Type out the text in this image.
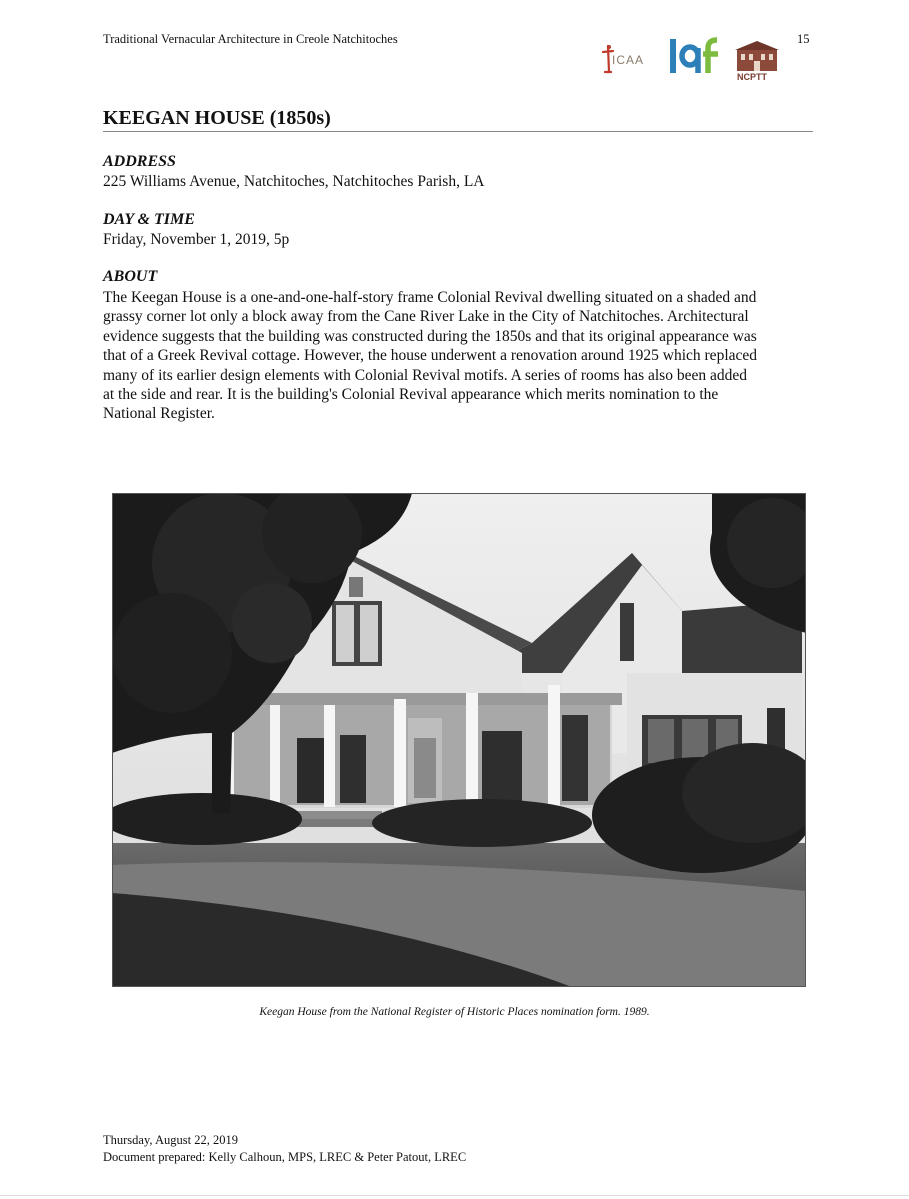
Traditional Vernacular Architecture in Creole Natchitoches	15
ICAA
NCPTT
KEEGAN HOUSE (1850s)
ADDRESS
225 Williams Avenue, Natchitoches, Natchitoches Parish, LA
DAY & TIME
Friday, November 1, 2019, 5p
ABOUT
The Keegan House is a one-and-one-half-story frame Colonial Revival dwelling situated on a shaded and
grassy corner lot only a block away from the Cane River Lake in the City of Natchitoches. Architectural
evidence suggests that the building was constructed during the 1850s and that its original appearance was
that of a Greek Revival cottage. However, the house underwent a renovation around 1925 which replaced
many of its earlier design elements with Colonial Revival motifs. A series of rooms has also been added
at the side and rear. It is the building's Colonial Revival appearance which merits nomination to the
National Register.
Keegan House from the National Register of Historic Places nomination form. 1989.
Thursday, August 22, 2019
Document prepared: Kelly Calhoun, MPS, LREC & Peter Patout, LREC
